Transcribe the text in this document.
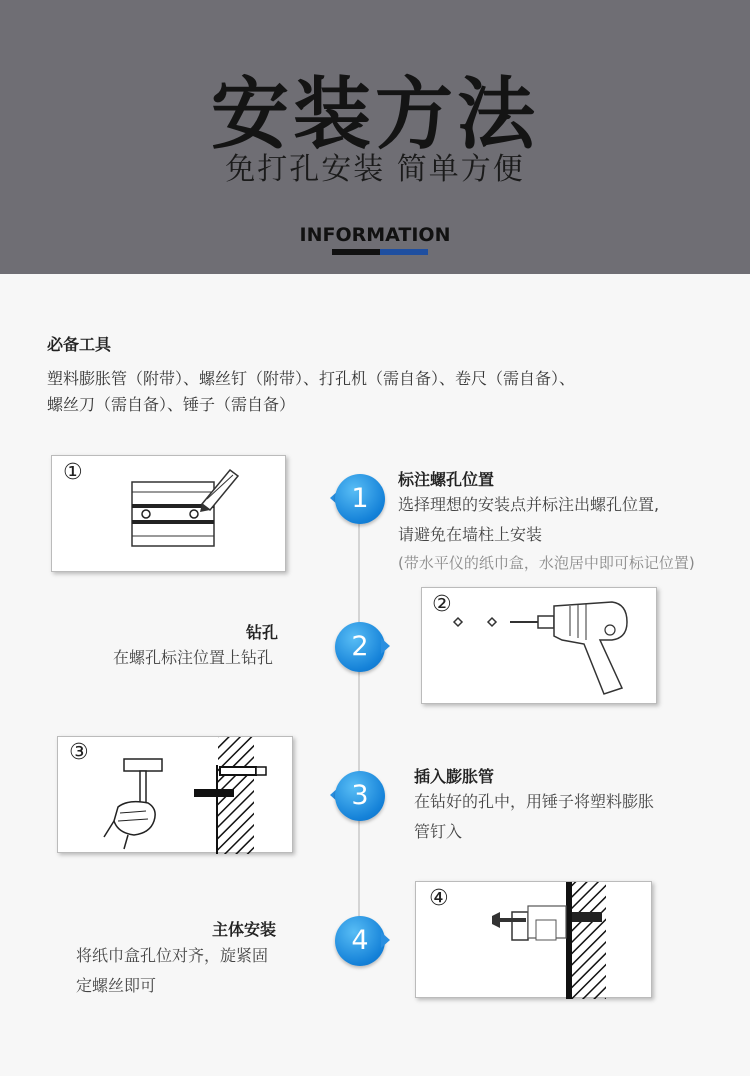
安装方法
免打孔安装 简单方便
INFORMATION
必备工具
塑料膨胀管（附带）、螺丝钉（附带）、打孔机（需自备）、卷尺（需自备）、
螺丝刀（需自备）、锤子（需自备）
①
1
标注螺孔位置
选择理想的安装点并标注出螺孔位置,
请避免在墙柱上安装
(带水平仪的纸巾盒，水泡居中即可标记位置)
钻孔
在螺孔标注位置上钻孔	2
②
③
3
插入膨胀管
在钻好的孔中，用锤子将塑料膨胀
管钉入
主体安装
将纸巾盒孔位对齐，旋紧固
定螺丝即可
4
④
